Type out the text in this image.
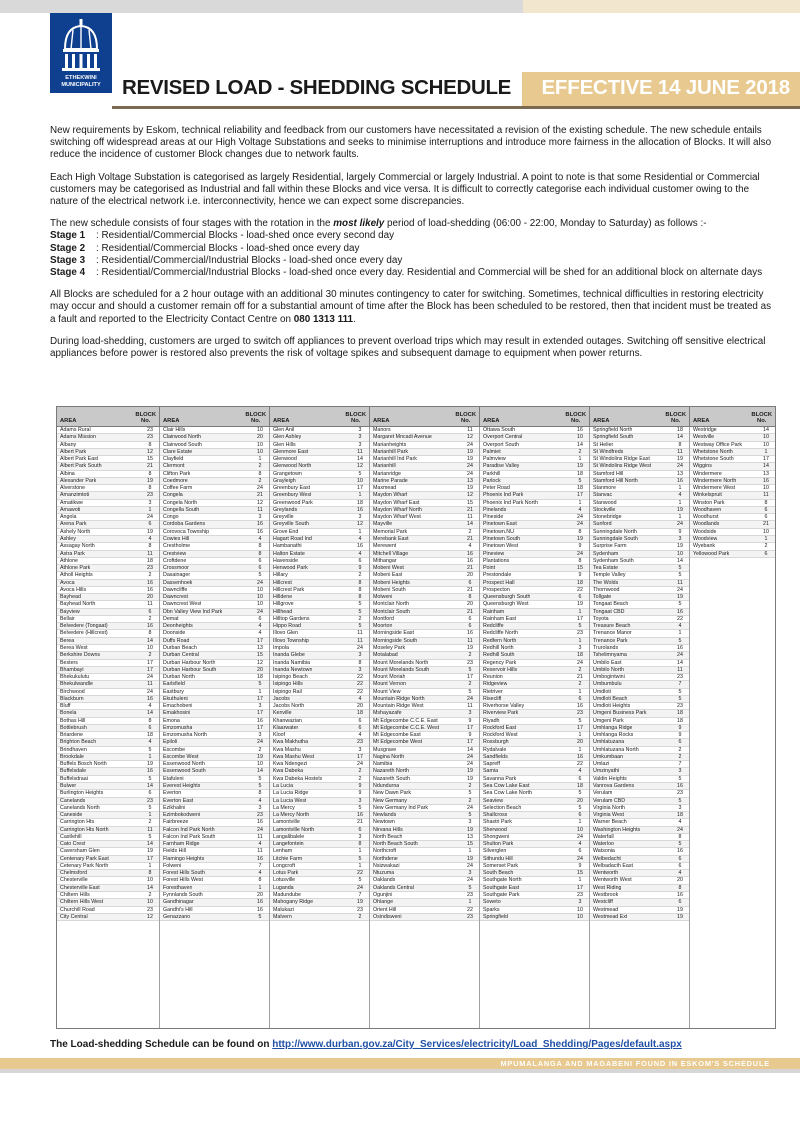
ETHEKWINI
MUNICIPALITY	REVISED LOAD - SHEDDING SCHEDULE EFFECTIVE 14 JUNE 2018

New requirements by Eskom, technical reliability and feedback from our customers have necessitated a revision of the existing schedule. The new schedule entails switching off widespread areas at our High Voltage Substations and seeks to minimise interruptions and introduce more fairness in the allocation of Blocks. It will also reduce the incidence of customer Block changes due to network faults.

Each High Voltage Substation is categorised as largely Residential, largely Commercial or largely Industrial. A point to note is that some Residential or Commercial customers may be categorised as Industrial and fall within these Blocks and vice versa. It is difficult to correctly categorise each individual customer owing to the nature of the electrical network i.e. interconnectivity, hence we can expect some discrepancies.

The new schedule consists of four stages with the rotation in the most likely period of load-shedding (06:00 - 22:00, Monday to Saturday) as follows :-
Stage 1	: Residential/Commercial Blocks - load-shed once every second day
Stage 2	: Residential/Commercial Blocks - load-shed once every day
Stage 3	: Residential/Commercial/Industrial Blocks - load-shed once every day
Stage 4	: Residential/Commercial/Industrial Blocks - load-shed once every day. Residential and Commercial will be shed for an additional block on alternate days

All Blocks are scheduled for a 2 hour outage with an additional 30 minutes contingency to cater for switching. Sometimes, technical difficulties in restoring electricity may occur and should a customer remain off for a substantial amount of time after the Block has been scheduled to be restored, then that incident must be treated as a fault and reported to the Electricity Contact Centre on 080 1313 111.

During load-shedding, customers are urged to switch off appliances to prevent overload trips which may result in extended outages. Switching off sensitive electrical appliances before power is restored also prevents the risk of voltage spikes and subsequent damage to equipment when power returns.

AREA
BLOCK
No.	AREA
BLOCK
No.	AREA
BLOCK
No.	AREA
BLOCK
No.	AREA
BLOCK
No.	AREA
BLOCK
No.	AREA
BLOCK
No.
Adams Rural	23
Adams Mission	23
Albany	8
Albert Park	12
Albert Park East	15
Albert Park South	21
Albina	8
Alexander Park	19
Alverstone	8
Amanzimtoti	23
Amatikwe	3
Amawoti	1
Angola	24
Arena Park	6
Ashely North	19
Ashley	4
Assagay North	8
Astra Park	11
Athlone	18
Athlone Park	23
Atholl Heights	2
Avoca	16
Avoca Hills	16
Bayhead	20
Bayhead North	11
Bayview	6
Bellair	2
Belvedere (Tongaat)	16
Belvedere (Hillcrest)	8
Berea	14
Berea West	10
Berkshire Downs	2
Besters	17
Bhambayi	17
Bhekukulutu	24
Bhekulwandle	11
Birchwood	24
Blackburn	16
Bluff	4
Bonela	14
Bothas Hill	8
Bottlebrush	6
Briardene	18
Brighton Beach	4
Brindhaven	5
Brookdale	1
Buffels Bosch North	19
Buffelsdale	16
Buffelsdraai	5
Bulwer	14
Burlington Heights	6
Canelands	23
Canelands North	5
Caneside	1
Carrington Hts	2
Carrington Hts North	11
Castlehill	5
Cato Crest	14
Caversham Glen	19
Centenary Park East	17
Cetenary Park North	1
Chelmsford	8
Chesterville	10
Chesterville East	14
Chiltern Hills	2
Chiltern Hills West	10
Churchill Road	23
City Central	12
Clair Hills	10
Clairwood North	20
Clairwood South	10
Clare Estate	10
Clayfield	1
Clermont	2
Clifton Park	8
Coedmore	2
Coffee Farm	24
Congela	21
Congela North	12
Congella South	11
Congo	3
Cordoba Gardens	16
Corovoca Township	16
Cowies Hill	4
Crestholme	8
Crestview	8
Croftdene	6
Crossmoor	6
Dasainager	5
Dassenhoek	24
Dawncliffe	10
Dawncrest	10
Dawncrest West	10
Dbn Valley View Ind Park	24
Demat	6
Deonheights	4
Doonside	4
Duffs Road	17
Durban Beach	13
Durban Central	15
Durban Harbour North	12
Durban Harbour South	20
Durban North	18
Earlsfield	5
Eastbury	1
Ekuthuleni	17
Emachobeni	3
Emakhosini	17
Emona	16
Emzomusha	17
Emzomusha North	3
Epiloli	24
Escombe	2
Escombe West	19
Essenwood North	10
Essenwood South	14
Etafuleni	5
Everest Heights	5
Everton	8
Everton East	4
Ezikhalini	3
Ezimbokodweni	23
Fairbreeze	16
Falcon Ind Park North	24
Falcon Ind Park South	11
Farnham Ridge	4
Fields Hill	11
Flamingo Heights	16
Folweni	7
Forest Hills South	4
Forest Hills West	8
Foresthaven	1
Fynnlands South	20
Gandhinagar	16
Gandhi's Hill	16
Genazzano	5
Glen Anil	3
Glen Ashley	3
Glen Hills	3
Glenmore East	11
Glenwood	14
Glenwood North	12
Grangetown	5
Grayleigh	10
Greenbury East	17
Greenbury West	1
Greenwood Park	18
Greylands	16
Greyville	3
Greyville South	12
Grove End	1
Hagart Road Ind	4
Hambanathi	16
Halton Estate	4
Havenside	6
Henwood Park	9
Hillary	2
Hillcrest	8
Hillcrest Park	8
Hilldene	8
Hillgrove	5
Hillhead	5
Hilltop Gardens	2
Hippo Road	5
Illovo Glen	11
Illovo Township	11
Impola	24
Inanda Glebe	3
Inanda Namibia	8
Inanda Newtown	3
Isipingo Beach	22
Isipingo Hills	22
Isipingo Rail	22
Jacobs	4
Jacobs North	20
Kenville	18
Khanwazian	6
Klaarwater	6
Kloof	4
Kwa Makhutha	23
Kwa Mashu	3
Kwa Mashu West	17
Kwa Ndengezi	24
Kwa Dabeka	2
Kwa Dabeka Hostels	2
La Lucia	9
La Lucia Ridge	9
La Lucia West	3
La Mercy	5
La Mercy North	16
Lamontville	21
Lamontville North	6
Langalibalele	3
Langefontein	8
Lenham	1
Litchie Farm	5
Longcroft	1
Lotus Park	22
Lotusville	5
Luganda	24
Madundube	7
Mahogany Ridge	19
Malukazi	23
Malvern	2
Manors	11
Margaret Mncadi Avenue	12
Marianheights	24
Marianhill Park	19
Marianhill Ind Park	19
Marianhill	24
Marianridge	24
Marine Parade	13
Maxmead	19
Maydon Wharf	12
Maydon Wharf East	15
Maydon Wharf North	21
Maydon Wharf West	11
Mayville	14
Memorial Park	2
Merebank East	21
Merewent	4
Mitchell Village	16
Mithangar	16
Mobeni West	21
Mobeni East	20
Mobeni Heights	6
Mobeni South	21
Molweni	8
Montclair North	20
Montclair South	21
Montford	6
Moorton	6
Morningside East	16
Morningside South	11
Moseley Park	19
Motalabad	2
Mount Morelands North	23
Mount Morelands South	5
Mount Moriah	17
Mount Vernon	2
Mount View	5
Mountain Ridge North	24
Mountain Ridge West	11
Mshayazafe	3
Mt Edgecombe C.C.E. East	9
Mt Edgecombe C.C.E. West	17
Mt Edgecombe East	9
Mt Edgecombe West	17
Musgrave	14
Nagina North	24
Namibia	24
Nazareth North	19
Nazareth South	19
Ndundurna	2
New Dawn Park	5
New Germany	2
New Germany Ind Park	24
Newlands	5
Newtown	3
Nirvana Hills	19
North Beach	13
North Beach South	15
Northcroft	1
Northdene	19
Nsizwakazi	24
Ntuzuma	3
Oaklands	24
Oaklands Central	5
Ogunjini	23
Ohlange	1
Orient Hill	22
Osindisweni	23
Ottawa South	16
Overport Central	10
Overport South	14
Palmiet	2
Palmview	1
Paradise Valley	19
Parkhill	18
Parlock	5
Peter Road	18
Phoenix Ind Park	17
Phoenix Ind Park North	1
Pinelands	4
Pineside	24
Pinetown East	24
Pinetown.NU	8
Pinetown South	19
Pinetown West	9
Pineview	24
Plantations	8
Point	15
Prestondale	9
Prospect Hall	18
Prospecton	22
Queensburgh South	6
Queensburgh West	19
Rainham	1
Rainham East	17
Redcliffe	5
Redcliffe North	23
Redfern North	1
Redhill North	3
Redhill South	18
Regency Park	24
Reservoir Hills	2
Reunion	21
Ridgeview	2
Rietriver	1
Risecliff	6
Riverhorse Valley	16
Riverview Park	23
Riyadh	5
Rockford East	17
Rockford West	1
Rossburgh	20
Rydalvale	1
Sandfields	16
Sapreff	22
Samia	4
Savanna Park	6
Sea Cow Lake East	18
Sea Cow Lake North	5
Seaview	20
Selection Beach	5
Shallcross	6
Shastri Park	1
Sherwood	10
Shongweni	24
Shulton Park	4
Silverglen	6
Sithundu Hill	24
Somerset Park	9
South Beach	15
Southgate North	1
Southgate East	17
Southgate Park	23
Soweto	3
Sparks	10
Springfield	10
Springfield North	18
Springfield South	14
St Helier	8
St Windfreds	11
St Windolins Ridge East	19
St Windolins Ridge West	24
Stamford Hill	13
Stamford Hill North	16
Stanmore	1
Stanvac	4
Stanwood	1
Stockville	19
Stonebridge	1
Sunford	24
Sunningdale North	9
Sunningdale South	3
Surprise Farm	19
Sydenham	10
Sydenham South	14
Tea Estate	5
Temple Valley	5
The Wolds	11
Thornwood	24
Tollgate	19
Tongaat Beach	5
Tongaat CBD	16
Toyota	22
Treasure Beach	4
Trenance Manor	1
Trenance Park	5
Trurolands	16
Tshelimnyama	24
Umbilo East	14
Umbilo North	11
Umbogintwini	23
Umbumbulu	7
Umdloti	5
Umdloti Beach	5
Umdloti Heights	23
Umgeni Business Park	18
Umgeni Park	18
Umhlanga Ridge	9
Umhlanga Rocks	9
Umhlatuzana	6
Umhlatuzana North	2
Umkumbaan	2
Umlazi	7
Umzinyathi	3
Valdin Heights	5
Vanrova Gardens	16
Verulam	23
Verulam CBD	5
Virginia North	3
Virginia West	18
Warner Beach	4
Washington Heights	24
Waterfall	8
Waterloo	5
Watsonia	16
Welbedacht	6
Welbadacth East	6
Wentworth	4
Wentworth West	20
West Riding	8
Westbrook	16
Westcliff	6
Westmead	19
Westmead Ext	19
Westridge	14
Westville	10
Westway Office Park	10
Whetstone North	1
Whetstone South	17
Wiggins	14
Windermere	13
Windermere North	16
Windermere West	10
Winkelspruit	11
Winston Park	8
Woodhaven	6
Woodhurst	6
Woodlands	21
Woodside	10
Woodview	1
Wyebank	2
Yellowood Park	6
The Load-shedding Schedule can be found on http://www.durban.gov.za/City_Services/electricity/Load_Shedding/Pages/default.aspx
MPUMALANGA AND MAGABENI FOUND IN ESKOM'S SCHEDULE
